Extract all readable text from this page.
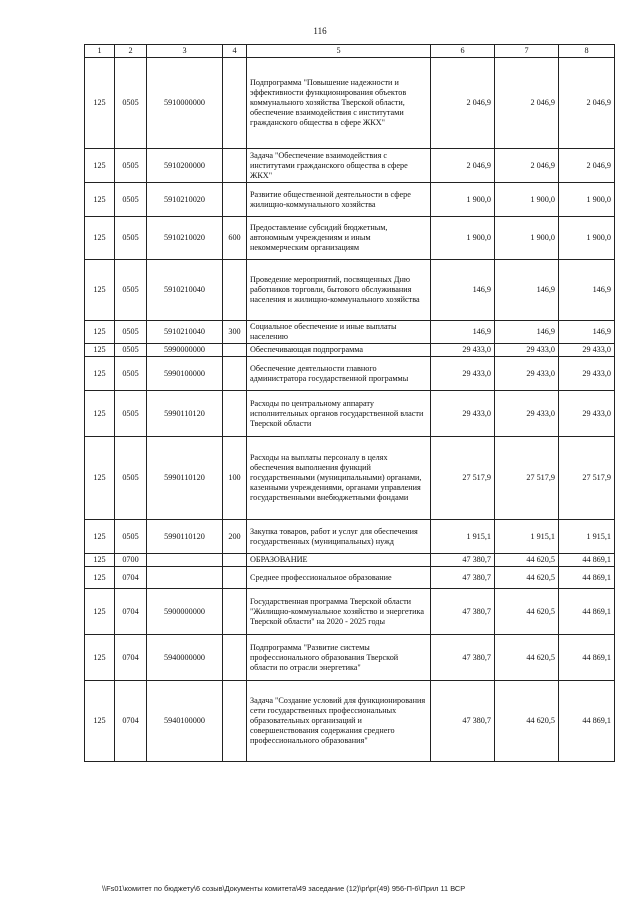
116
1	2	3	4	5	6	7	8
125	0505	5910000000		Подпрограмма "Повышение надежности и эффективности функционирования объектов коммунального хозяйства Тверской области, обеспечение взаимодействия с институтами гражданского общества в сфере ЖКХ"	2 046,9	2 046,9	2 046,9
125	0505	5910200000		Задача "Обеспечение взаимодействия с институтами гражданского общества в сфере ЖКХ"	2 046,9	2 046,9	2 046,9
125	0505	5910210020		Развитие общественной деятельности в сфере жилищно-коммунального хозяйства	1 900,0	1 900,0	1 900,0
125	0505	5910210020	600	Предоставление субсидий бюджетным, автономным учреждениям и иным некоммерческим организациям	1 900,0	1 900,0	1 900,0
125	0505	5910210040		Проведение мероприятий, посвященных Дню работников торговли, бытового обслуживания населения и жилищно-коммунального хозяйства	146,9	146,9	146,9
125	0505	5910210040	300	Социальное обеспечение и иные выплаты населению	146,9	146,9	146,9
125	0505	5990000000		Обеспечивающая подпрограмма	29 433,0	29 433,0	29 433,0
125	0505	5990100000		Обеспечение деятельности главного администратора государственной программы	29 433,0	29 433,0	29 433,0
125	0505	5990110120		Расходы по центральному аппарату исполнительных органов государственной власти Тверской области	29 433,0	29 433,0	29 433,0
125	0505	5990110120	100	Расходы на выплаты персоналу в целях обеспечения выполнения функций государственными (муниципальными) органами, казенными учреждениями, органами управления государственными внебюджетными фондами	27 517,9	27 517,9	27 517,9
125	0505	5990110120	200	Закупка товаров, работ и услуг для обеспечения государственных (муниципальных) нужд	1 915,1	1 915,1	1 915,1
125	0700			ОБРАЗОВАНИЕ	47 380,7	44 620,5	44 869,1
125	0704			Среднее профессиональное образование	47 380,7	44 620,5	44 869,1
125	0704	5900000000		Государственная программа Тверской области "Жилищно-коммунальное хозяйство и энергетика Тверской области" на 2020 - 2025 годы	47 380,7	44 620,5	44 869,1
125	0704	5940000000		Подпрограмма "Развитие системы профессионального образования Тверской области по отрасли энергетика"	47 380,7	44 620,5	44 869,1
125	0704	5940100000		Задача "Создание условий для функционирования сети государственных профессиональных образовательных организаций и совершенствования содержания среднего профессионального образования"	47 380,7	44 620,5	44 869,1
\\Fs01\комитет по бюджету\6 созыв\Документы комитета\49 заседание (12)\pr\pr(49) 956-П-6\Прил 11 ВСР
